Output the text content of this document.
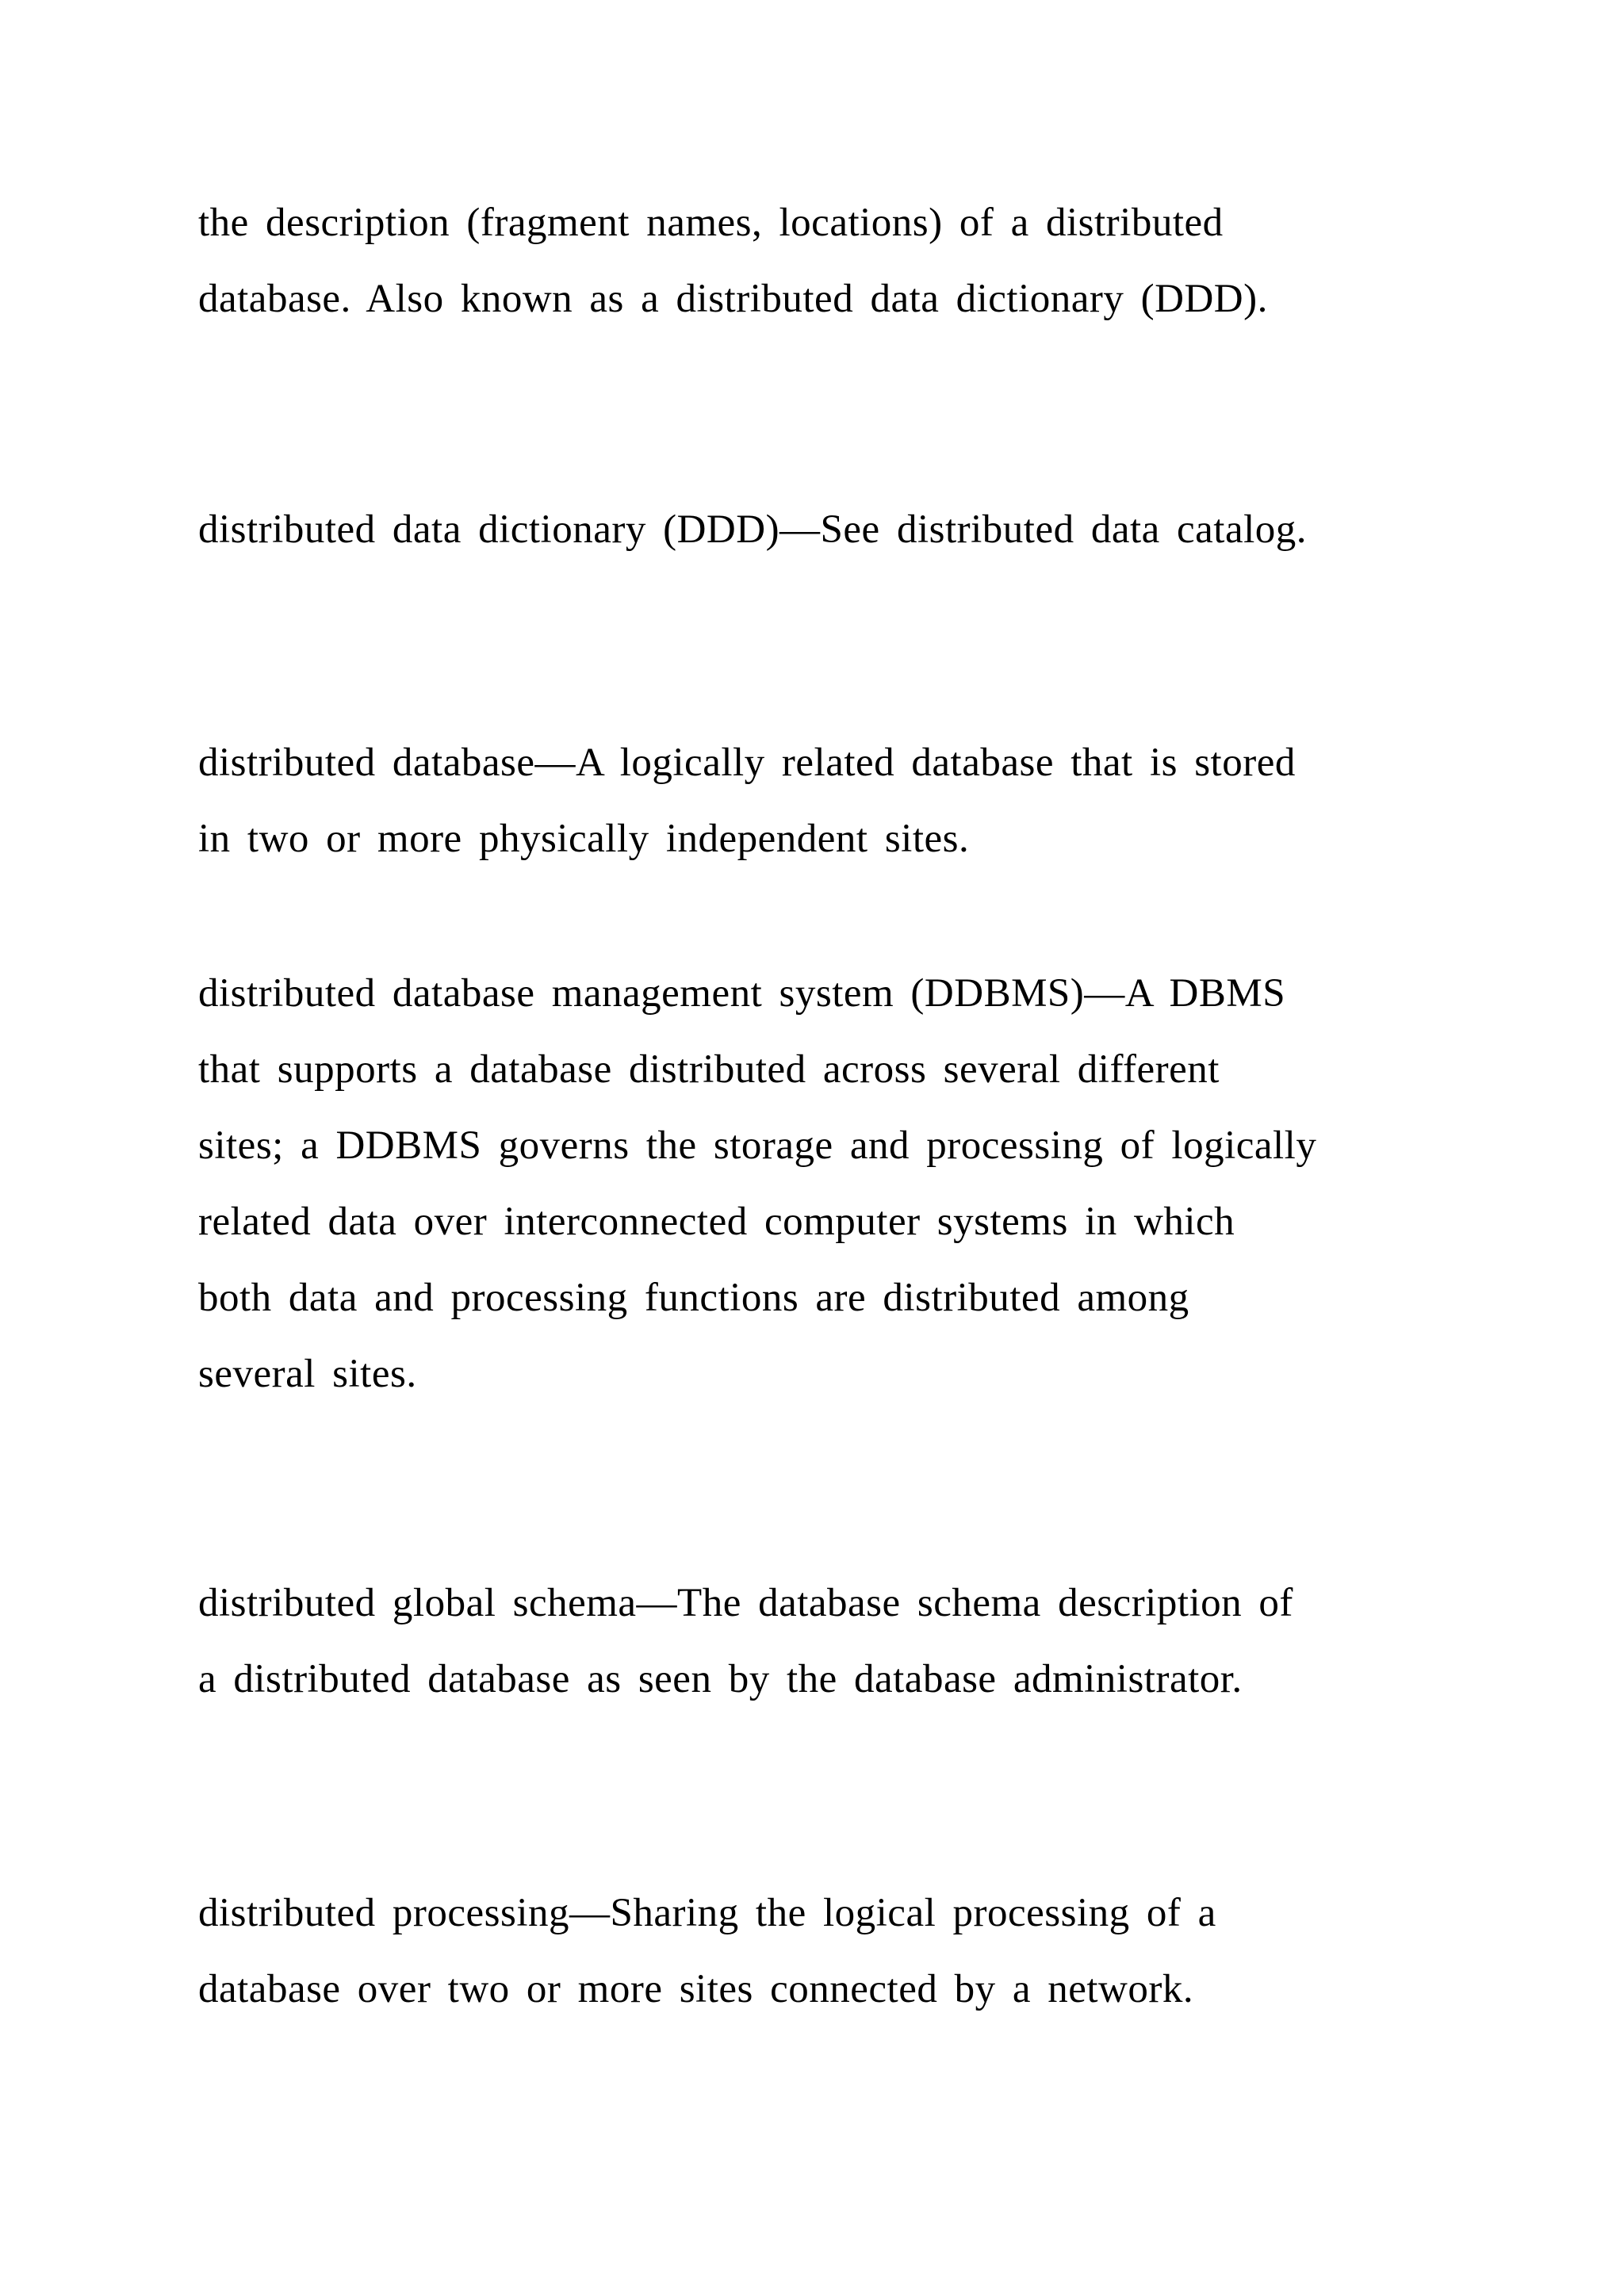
the description (fragment names, locations) of a distributed
database. Also known as a distributed data dictionary (DDD).

distributed data dictionary (DDD)—See distributed data catalog.

distributed database—A logically related database that is stored
in two or more physically independent sites.

distributed database management system (DDBMS)—A DBMS
that supports a database distributed across several different
sites; a DDBMS governs the storage and processing of logically
related data over interconnected computer systems in which
both data and processing functions are distributed among
several sites.

distributed global schema—The database schema description of
a distributed database as seen by the database administrator.

distributed processing—Sharing the logical processing of a
database over two or more sites connected by a network.
